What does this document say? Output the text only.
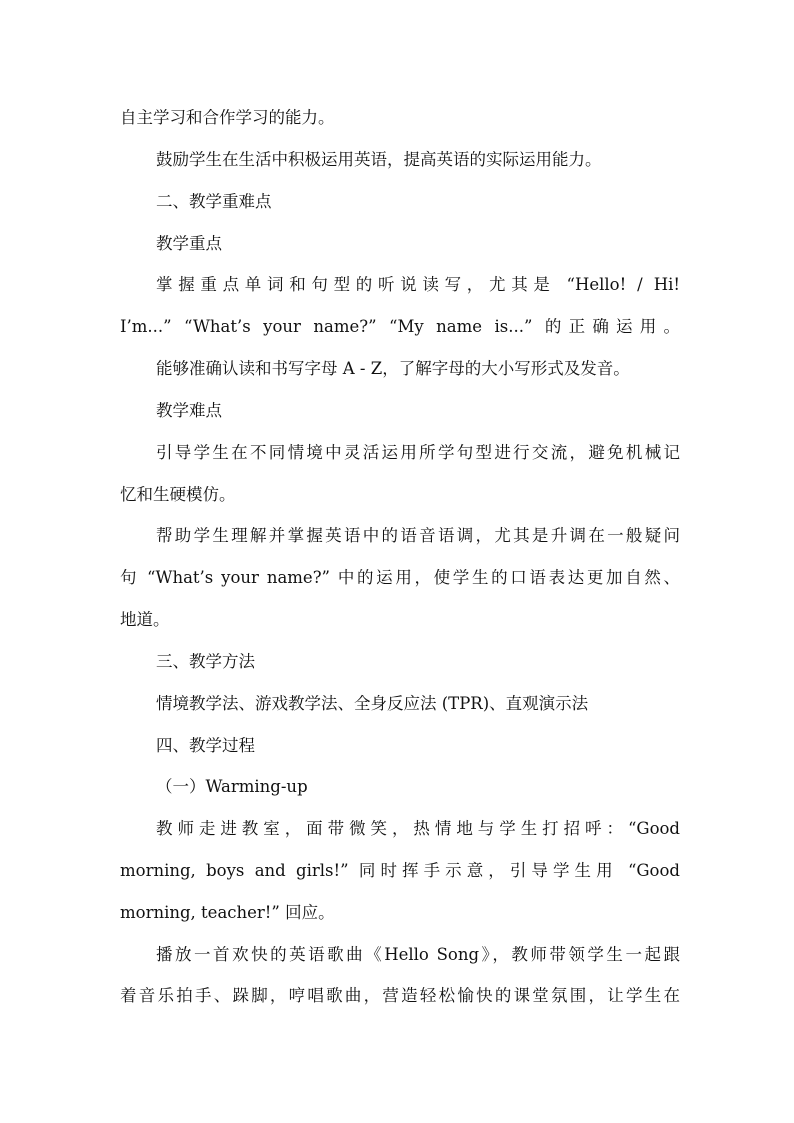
自主学习和合作学习的能力。
鼓励学生在生活中积极运用英语，提高英语的实际运用能力。
二、教学重难点
教学重点
掌握重点单词和句型的听说读写，尤其是 “Hello! / Hi!
I’m...” “What’s your name?” “My name is...” 的正确运用。
能够准确认读和书写字母 A - Z，了解字母的大小写形式及发音。
教学难点
引导学生在不同情境中灵活运用所学句型进行交流，避免机械记
忆和生硬模仿。
帮助学生理解并掌握英语中的语音语调，尤其是升调在一般疑问
句 “What’s your name?” 中的运用，使学生的口语表达更加自然、
地道。
三、教学方法
情境教学法、游戏教学法、全身反应法 (TPR)、直观演示法
四、教学过程
（一）Warming-up
教师走进教室，面带微笑，热情地与学生打招呼：“Good
morning, boys and girls!” 同时挥手示意，引导学生用 “Good
morning, teacher!” 回应。
播放一首欢快的英语歌曲《Hello Song》，教师带领学生一起跟
着音乐拍手、跺脚，哼唱歌曲，营造轻松愉快的课堂氛围，让学生在
